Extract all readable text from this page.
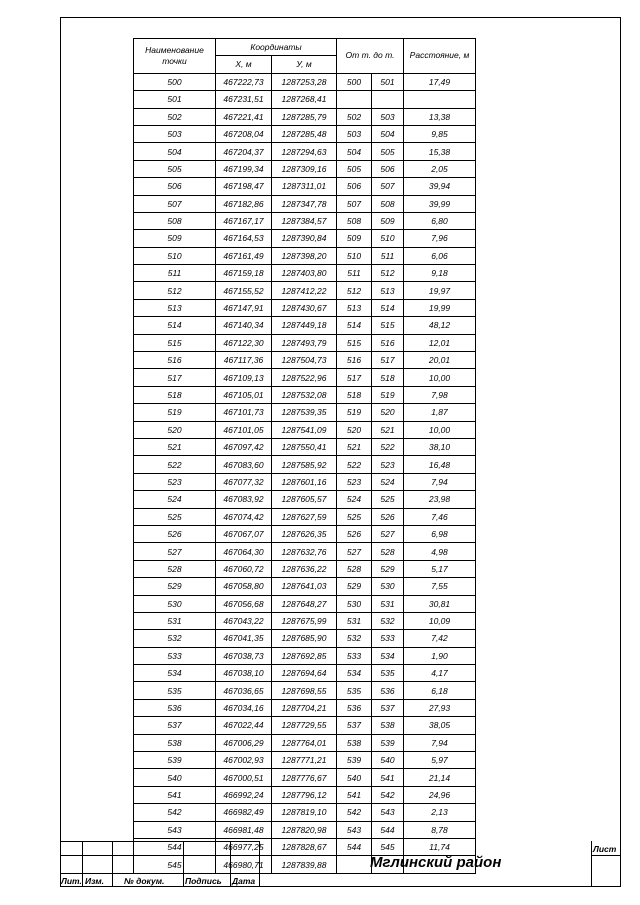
Наименование точки	Координаты		От т. до т.		Расстояние, м
	Х, м	У, м			
500	467222,73	1287253,28	500	501	17,49
501	467231,51	1287268,41			
502	467221,41	1287285,79	502	503	13,38
503	467208,04	1287285,48	503	504	9,85
504	467204,37	1287294,63	504	505	15,38
505	467199,34	1287309,16	505	506	2,05
506	467198,47	1287311,01	506	507	39,94
507	467182,86	1287347,78	507	508	39,99
508	467167,17	1287384,57	508	509	6,80
509	467164,53	1287390,84	509	510	7,96
510	467161,49	1287398,20	510	511	6,06
511	467159,18	1287403,80	511	512	9,18
512	467155,52	1287412,22	512	513	19,97
513	467147,91	1287430,67	513	514	19,99
514	467140,34	1287449,18	514	515	48,12
515	467122,30	1287493,79	515	516	12,01
516	467117,36	1287504,73	516	517	20,01
517	467109,13	1287522,96	517	518	10,00
518	467105,01	1287532,08	518	519	7,98
519	467101,73	1287539,35	519	520	1,87
520	467101,05	1287541,09	520	521	10,00
521	467097,42	1287550,41	521	522	38,10
522	467083,60	1287585,92	522	523	16,48
523	467077,32	1287601,16	523	524	7,94
524	467083,92	1287605,57	524	525	23,98
525	467074,42	1287627,59	525	526	7,46
526	467067,07	1287626,35	526	527	6,98
527	467064,30	1287632,76	527	528	4,98
528	467060,72	1287636,22	528	529	5,17
529	467058,80	1287641,03	529	530	7,55
530	467056,68	1287648,27	530	531	30,81
531	467043,22	1287675,99	531	532	10,09
532	467041,35	1287685,90	532	533	7,42
533	467038,73	1287692,85	533	534	1,90
534	467038,10	1287694,64	534	535	4,17
535	467036,65	1287698,55	535	536	6,18
536	467034,16	1287704,21	536	537	27,93
537	467022,44	1287729,55	537	538	38,05
538	467006,29	1287764,01	538	539	7,94
539	467002,93	1287771,21	539	540	5,97
540	467000,51	1287776,67	540	541	21,14
541	466992,24	1287796,12	541	542	24,96
542	466982,49	1287819,10	542	543	2,13
543	466981,48	1287820,98	543	544	8,78
544	466977,25	1287828,67	544	545	11,74
545	466980,71	1287839,88			
Лит. Изм. № докум. Подпись Дата
Лист
Мглинский район
